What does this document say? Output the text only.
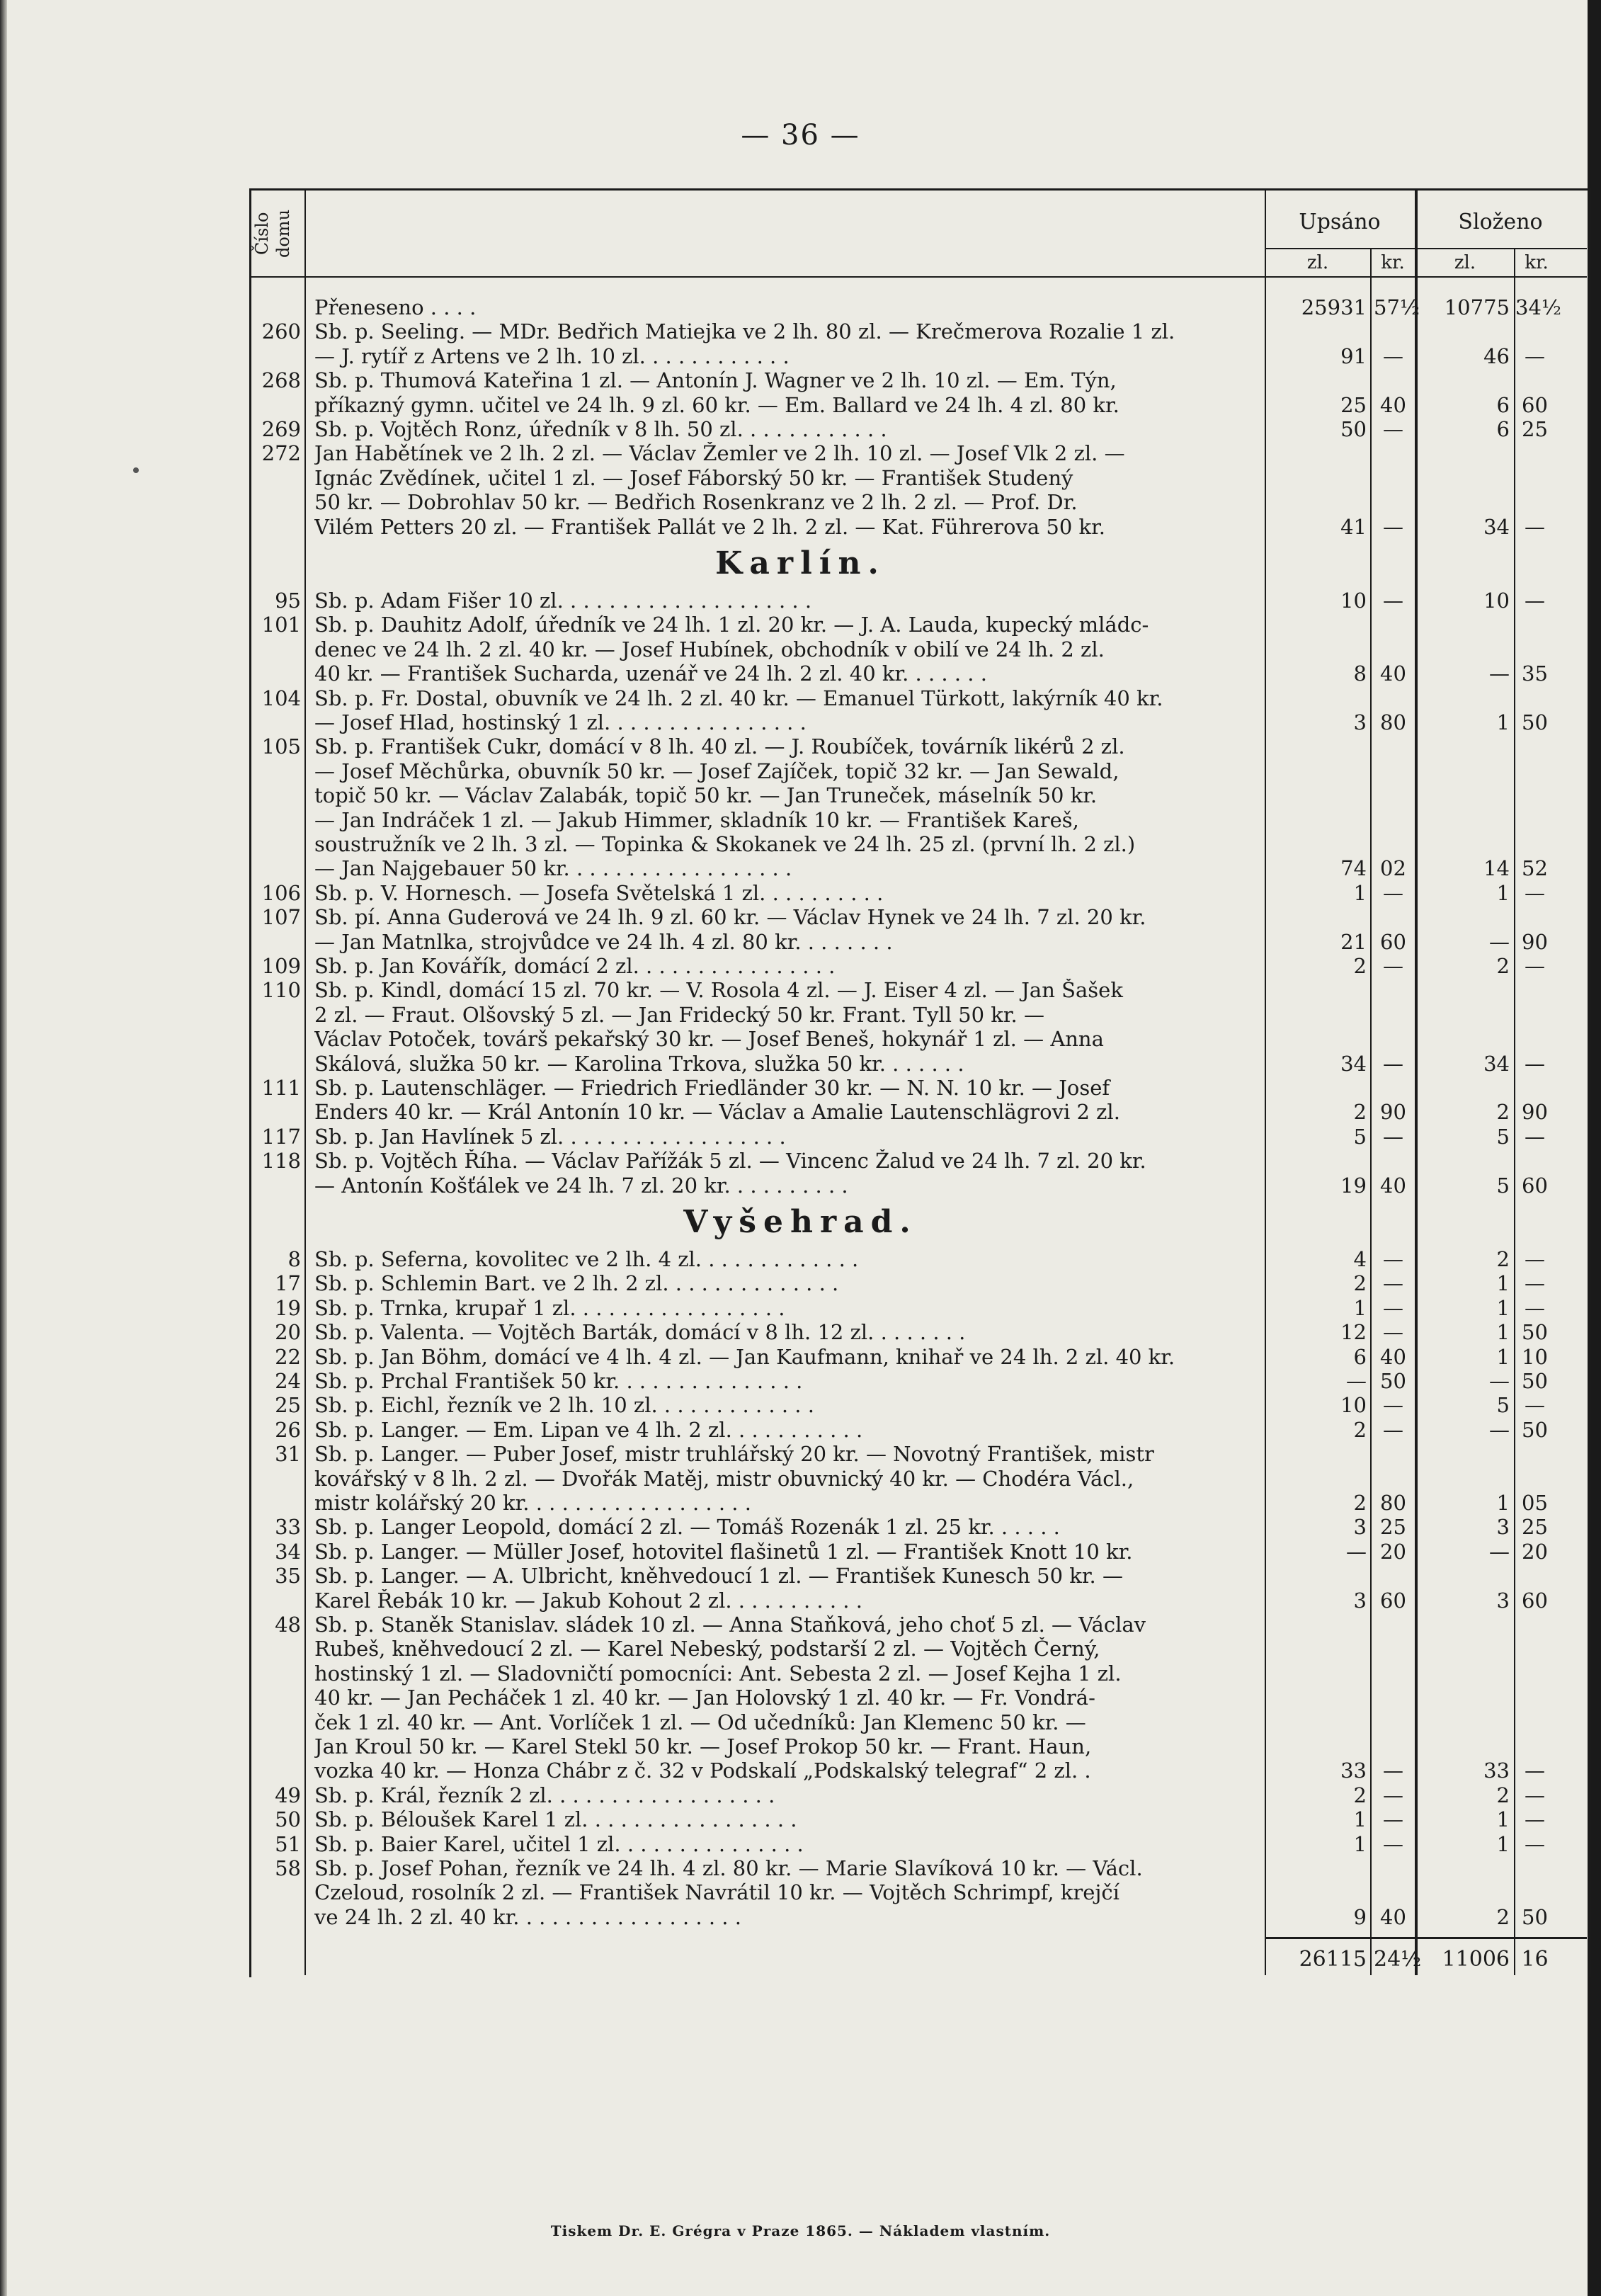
— 36 —
Číslo domu	Upsáno	Složeno
zl.	kr.	zl.	kr.
Přeneseno . . . .	25931 57½	10775 34½
260 Sb. p. Seeling. — MDr. Bedřich Matiejka ve 2 lh. 80 zl. — Krečmerova Rozalie 1 zl.
— J. rytíř z Artens ve 2 lh. 10 zl. . . . . . . . . . . .	91 —	46 —
268 Sb. p. Thumová Kateřina 1 zl. — Antonín J. Wagner ve 2 lh. 10 zl. — Em. Týn,
příkazný gymn. učitel ve 24 lh. 9 zl. 60 kr. — Em. Ballard ve 24 lh. 4 zl. 80 kr.	25 40	6 60
269 Sb. p. Vojtěch Ronz, úředník v 8 lh. 50 zl. . . . . . . . . . . .	50 —	6 25
272 Jan Habětínek ve 2 lh. 2 zl. — Václav Žemler ve 2 lh. 10 zl. — Josef Vlk 2 zl. —
Ignác Zvědínek, učitel 1 zl. — Josef Fáborský 50 kr. — František Studený
50 kr. — Dobrohlav 50 kr. — Bedřich Rosenkranz ve 2 lh. 2 zl. — Prof. Dr.
Vilém Petters 20 zl. — František Pallát ve 2 lh. 2 zl. — Kat. Führerova 50 kr.	41 —	34 —
Karlín.
95 Sb. p. Adam Fišer 10 zl. . . . . . . . . . . . . . . . . . . .	10 —	10 —
101 Sb. p. Dauhitz Adolf, úředník ve 24 lh. 1 zl. 20 kr. — J. A. Lauda, kupecký mládc-
denec ve 24 lh. 2 zl. 40 kr. — Josef Hubínek, obchodník v obilí ve 24 lh. 2 zl.
40 kr. — František Sucharda, uzenář ve 24 lh. 2 zl. 40 kr. . . . . . .	8 40	— 35
104 Sb. p. Fr. Dostal, obuvník ve 24 lh. 2 zl. 40 kr. — Emanuel Türkott, lakýrník 40 kr.
— Josef Hlad, hostinský 1 zl. . . . . . . . . . . . . . . .	3 80	1 50
105 Sb. p. František Cukr, domácí v 8 lh. 40 zl. — J. Roubíček, továrník likérů 2 zl.
— Josef Měchůrka, obuvník 50 kr. — Josef Zajíček, topič 32 kr. — Jan Sewald,
topič 50 kr. — Václav Zalabák, topič 50 kr. — Jan Truneček, máselník 50 kr.
— Jan Indráček 1 zl. — Jakub Himmer, skladník 10 kr. — František Kareš,
soustružník ve 2 lh. 3 zl. — Topinka & Skokanek ve 24 lh. 25 zl. (první lh. 2 zl.)
— Jan Najgebauer 50 kr. . . . . . . . . . . . . . . . . .	74 02	14 52
106 Sb. p. V. Hornesch. — Josefa Světelská 1 zl. . . . . . . . . .	1 —	1 —
107 Sb. pí. Anna Guderová ve 24 lh. 9 zl. 60 kr. — Václav Hynek ve 24 lh. 7 zl. 20 kr.
— Jan Matnlka, strojvůdce ve 24 lh. 4 zl. 80 kr. . . . . . . .	21 60	— 90
109 Sb. p. Jan Kovářík, domácí 2 zl. . . . . . . . . . . . . . . .	2 —	2 —
110 Sb. p. Kindl, domácí 15 zl. 70 kr. — V. Rosola 4 zl. — J. Eiser 4 zl. — Jan Šašek
2 zl. — Fraut. Olšovský 5 zl. — Jan Fridecký 50 kr. Frant. Tyll 50 kr. —
Václav Potoček, továrš pekařský 30 kr. — Josef Beneš, hokynář 1 zl. — Anna
Skálová, služka 50 kr. — Karolina Trkova, služka 50 kr. . . . . . .	34 —	34 —
111 Sb. p. Lautenschläger. — Friedrich Friedländer 30 kr. — N. N. 10 kr. — Josef
Enders 40 kr. — Král Antonín 10 kr. — Václav a Amalie Lautenschlägrovi 2 zl.	2 90	2 90
117 Sb. p. Jan Havlínek 5 zl. . . . . . . . . . . . . . . . . .	5 —	5 —
118 Sb. p. Vojtěch Říha. — Václav Pařížák 5 zl. — Vincenc Žalud ve 24 lh. 7 zl. 20 kr.
— Antonín Košťálek ve 24 lh. 7 zl. 20 kr. . . . . . . . . .	19 40	5 60
Vyšehrad.
8 Sb. p. Seferna, kovolitec ve 2 lh. 4 zl. . . . . . . . . . . . .	4 —	2 —
17 Sb. p. Schlemin Bart. ve 2 lh. 2 zl. . . . . . . . . . . . . .	2 —	1 —
19 Sb. p. Trnka, krupař 1 zl. . . . . . . . . . . . . . . . .	1 —	1 —
20 Sb. p. Valenta. — Vojtěch Barták, domácí v 8 lh. 12 zl. . . . . . . .	12 —	1 50
22 Sb. p. Jan Böhm, domácí ve 4 lh. 4 zl. — Jan Kaufmann, knihař ve 24 lh. 2 zl. 40 kr.	6 40	1 10
24 Sb. p. Prchal František 50 kr. . . . . . . . . . . . . . .	— 50	— 50
25 Sb. p. Eichl, řezník ve 2 lh. 10 zl. . . . . . . . . . . . .	10 —	5 —
26 Sb. p. Langer. — Em. Lipan ve 4 lh. 2 zl. . . . . . . . . . .	2 —	— 50
31 Sb. p. Langer. — Puber Josef, mistr truhlářský 20 kr. — Novotný František, mistr
kovářský v 8 lh. 2 zl. — Dvořák Matěj, mistr obuvnický 40 kr. — Chodéra Václ.,
mistr kolářský 20 kr. . . . . . . . . . . . . . . . . .	2 80	1 05
33 Sb. p. Langer Leopold, domácí 2 zl. — Tomáš Rozenák 1 zl. 25 kr. . . . . .	3 25	3 25
34 Sb. p. Langer. — Müller Josef, hotovitel flašinetů 1 zl. — František Knott 10 kr.	— 20	— 20
35 Sb. p. Langer. — A. Ulbricht, kněhvedoucí 1 zl. — František Kunesch 50 kr. —
Karel Řebák 10 kr. — Jakub Kohout 2 zl. . . . . . . . . . .	3 60	3 60
48 Sb. p. Staněk Stanislav. sládek 10 zl. — Anna Staňková, jeho choť 5 zl. — Václav
Rubeš, kněhvedoucí 2 zl. — Karel Nebeský, podstarší 2 zl. — Vojtěch Černý,
hostinský 1 zl. — Sladovničtí pomocníci: Ant. Sebesta 2 zl. — Josef Kejha 1 zl.
40 kr. — Jan Pecháček 1 zl. 40 kr. — Jan Holovský 1 zl. 40 kr. — Fr. Vondrá-
ček 1 zl. 40 kr. — Ant. Vorlíček 1 zl. — Od učedníků: Jan Klemenc 50 kr. —
Jan Kroul 50 kr. — Karel Stekl 50 kr. — Josef Prokop 50 kr. — Frant. Haun,
vozka 40 kr. — Honza Chábr z č. 32 v Podskalí „Podskalský telegraf“ 2 zl. .	33 —	33 —
49 Sb. p. Král, řezník 2 zl. . . . . . . . . . . . . . . . . .	2 —	2 —
50 Sb. p. Béloušek Karel 1 zl. . . . . . . . . . . . . . . . .	1 —	1 —
51 Sb. p. Baier Karel, učitel 1 zl. . . . . . . . . . . . . . .	1 —	1 —
58 Sb. p. Josef Pohan, řezník ve 24 lh. 4 zl. 80 kr. — Marie Slavíková 10 kr. — Václ.
Czeloud, rosolník 2 zl. — František Navrátil 10 kr. — Vojtěch Schrimpf, krejčí
ve 24 lh. 2 zl. 40 kr. . . . . . . . . . . . . . . . . .	9 40	2 50
26115 24½ 11006 16
Tiskem Dr. E. Grégra v Praze 1865. — Nákladem vlastním.
